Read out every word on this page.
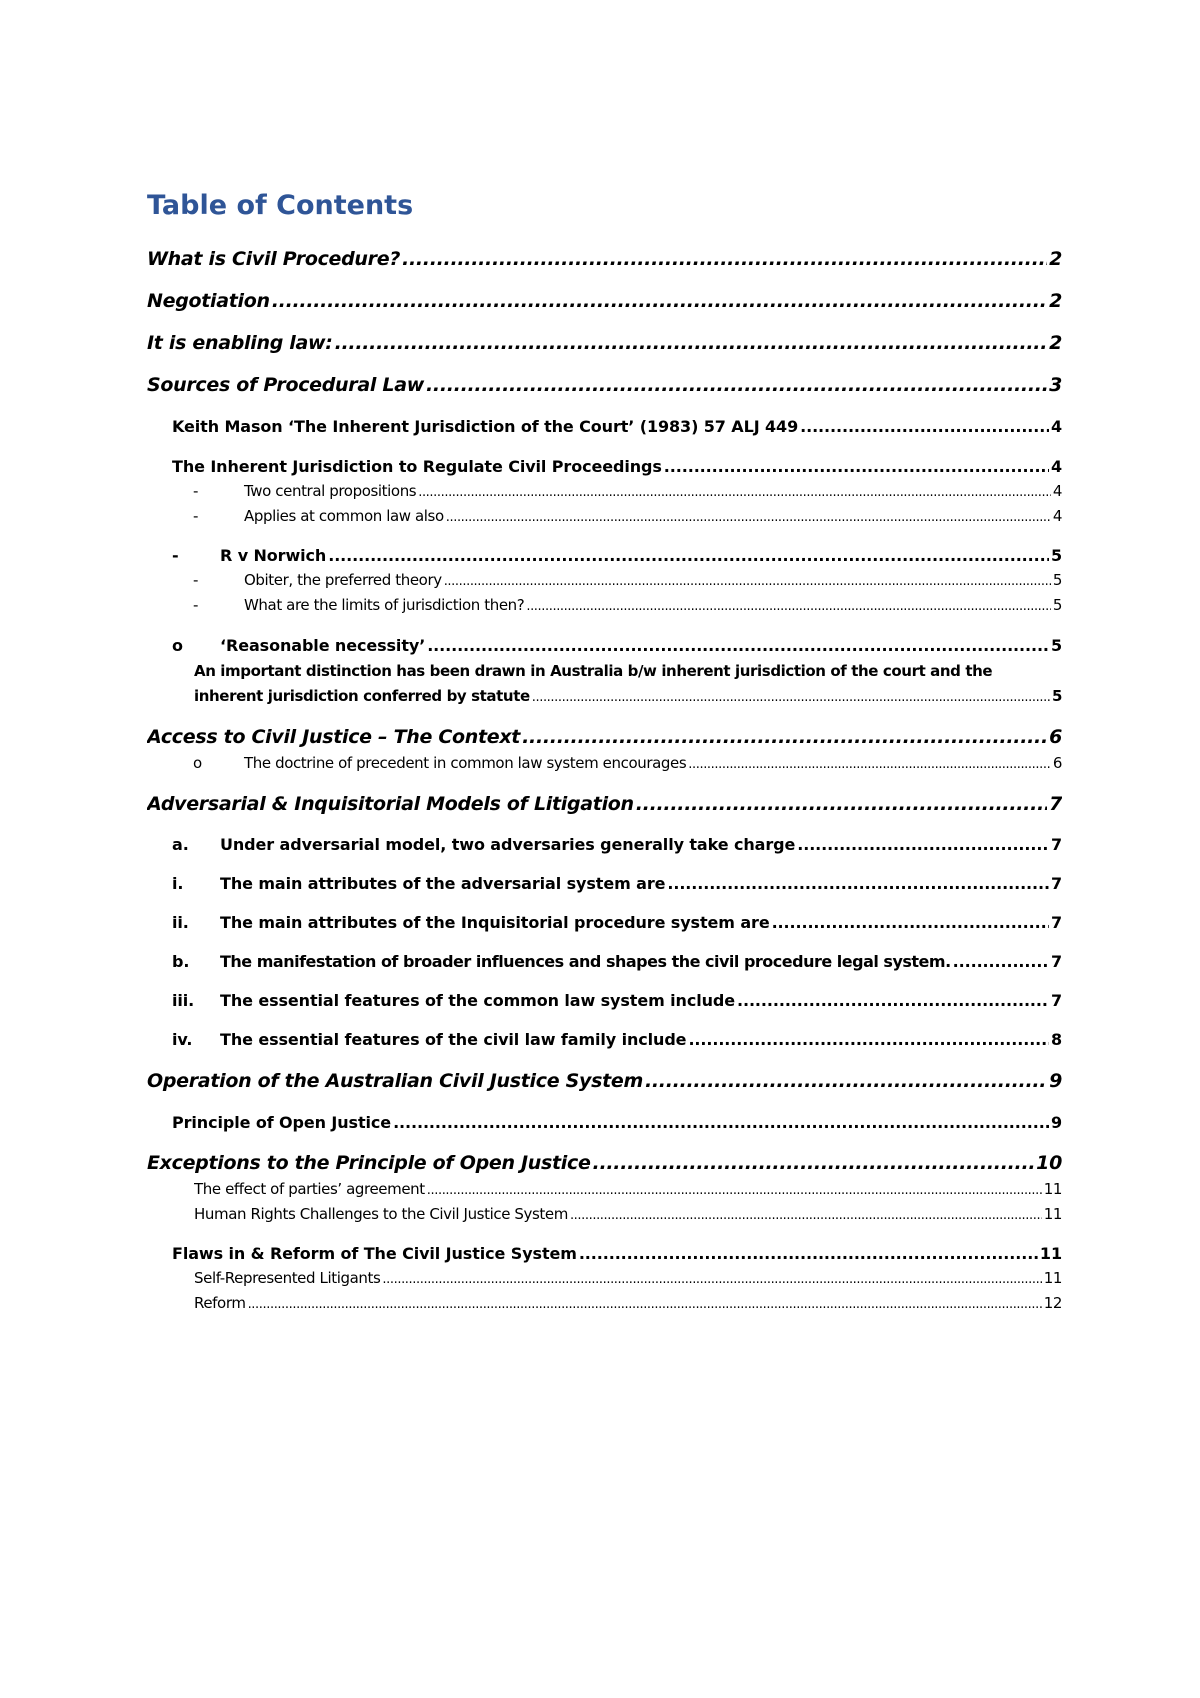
Table of Contents
What is Civil Procedure? .....	2
Negotiation .....	2
It is enabling law: .....	2
Sources of Procedural Law .....	3
Keith Mason ‘The Inherent Jurisdiction of the Court’ (1983) 57 ALJ 449 .....	4
The Inherent Jurisdiction to Regulate Civil Proceedings .....	4
-	Two central propositions .....	4
-	Applies at common law also .....	4
-	R v Norwich .....	5
-	Obiter, the preferred theory .....	5
-	What are the limits of jurisdiction then? .....	5
o	‘Reasonable necessity’ .....	5
An important distinction has been drawn in Australia b/w inherent jurisdiction of the court and the
inherent jurisdiction conferred by statute .....	5
Access to Civil Justice – The Context .....	6
o	The doctrine of precedent in common law system encourages .....	6
Adversarial & Inquisitorial Models of Litigation .....	7
a.	Under adversarial model, two adversaries generally take charge .....	7
i.	The main attributes of the adversarial system are .....	7
ii.	The main attributes of the Inquisitorial procedure system are .....	7
b.	The manifestation of broader influences and shapes the civil procedure legal system. .....	7
iii.	The essential features of the common law system include .....	7
iv.	The essential features of the civil law family include .....	8
Operation of the Australian Civil Justice System .....	9
Principle of Open Justice .....	9
Exceptions to the Principle of Open Justice .....	10
The effect of parties’ agreement .....	11
Human Rights Challenges to the Civil Justice System .....	11
Flaws in & Reform of The Civil Justice System .....	11
Self-Represented Litigants .....	11
Reform .....	12
